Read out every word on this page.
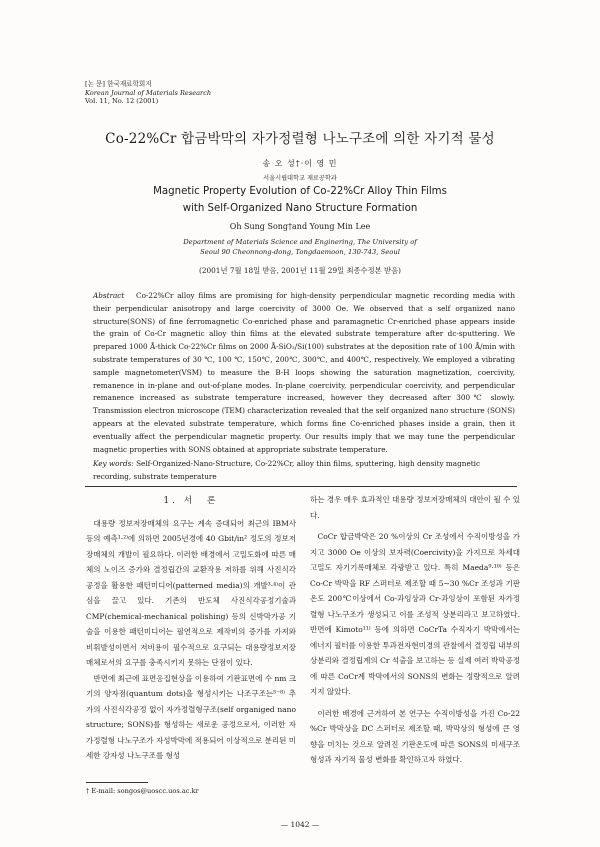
[논 문] 한국재료학회지
Korean Journal of Materials Research
Vol. 11, No. 12 (2001)
Co-22%Cr 합금박막의 자가정렬형 나노구조에 의한 자기적 물성
송 오 성†·이 영 민
서울시립대학교 재료공학과
Magnetic Property Evolution of Co-22%Cr Alloy Thin Films
with Self-Organized Nano Structure Formation
Oh Sung Song†and Young Min Lee
Department of Materials Science and Enginering, The University of
Seoul 90 Cheonnong-dong, Tongdaemoon, 130-743, Seoul
(2001년 7월 18일 받음, 2001년 11월 29일 최종수정본 받음)
Abstract Co-22%Cr alloy films are promising for high-density perpendicular magnetic recording media with their perpendicular anisotropy and large coercivity of 3000 Oe. We observed that a self organized nano structure(SONS) of fine ferromagnetic Co-enriched phase and paramagnetic Cr-enriched phase appears inside the grain of Co-Cr magnetic alloy thin films at the elevated substrate temperature after dc-sputtering. We prepared 1000 Å-thick Co-22%Cr films on 2000 Å-SiO₂/Si(100) substrates at the deposition rate of 100 Å/min with substrate temperatures of 30 ℃, 100 ℃, 150℃, 200℃, 300℃, and 400℃, respectively. We employed a vibrating sample magnetometer(VSM) to measure the B-H loops showing the saturation magnetization, coercivity, remanence in in-plane and out-of-plane modes. In-plane coercivity, perpendicular coercivity, and perpendicular remanence increased as substrate temperature increased, however they decreased after 300℃ slowly. Transmission electron microscope (TEM) characterization revealed that the self organized nano structure (SONS) appears at the elevated substrate temperature, which forms fine Co-enriched phases inside a grain, then it eventually affect the perpendicular magnetic property. Our results imply that we may tune the perpendicular magnetic properties with SONS obtained at appropriate substrate temperature.
Key words: Self-Organized-Nano-Structure, Co-22%Cr, alloy thin films, sputtering, high density magnetic recording, substrate temperature
1. 서　론

대용량 정보저장매체의 요구는 계속 증대되어 최근의 IBM사 등의 예측¹·²⁾에 의하면 2005년경에 40 Gbit/in² 정도의 정보저장매체의 개발이 필요하다. 이러한 배경에서 고밀도화에 따른 매체의 노이즈 증가와 결정립간의 교환작용 저하를 위해 사진식각공정을 활용한 패턴미디어(patterned media)의 개발³·⁴⁾이 관심을 끌고 있다. 기존의 반도체 사진식각공정기술과 CMP(chemical-mechanical polishing) 등의 신박막가공 기술을 이용한 패턴미디어는 필연적으로 제작비의 증가를 가져와 비휘발성이면서 저비용이 필수적으로 요구되는 대용량정보저장매체로서의 요구를 충족시키지 못하는 단점이 있다.

반면에 최근에 표면응집현상을 이용하여 기판표면에 수 nm 크기의 양자점(quantum dots)을 형성시키는 나조구조는⁵⁻⁸⁾ 추가의 사진식각공정 없이 자가정렬형구조(self organiged nano structure; SONS)를 형성하는 새로운 공정으로서, 이러한 자가정렬형 나노구조가 자성박막에 적용되어 이상적으로 분리된 미세한 강자성 나노구조를 형성

하는 경우 매우 효과적인 대용량 정보저장매체의 대안이 될 수 있다.

CoCr 합금박막은 20 %이상의 Cr 조성에서 수직이방성을 가지고 3000 Oe 이상의 보자력(Coercivity)을 가지므로 차세대 고밀도 자기기록매체로 각광받고 있다. 특히 Maeda⁹·¹⁰⁾ 등은 Co-Cr 박막을 RF 스퍼터로 제조할 때 5∼30 %Cr 조성과 기판온도 200℃이상에서 Co-과잉상과 Cr-과잉상이 포함된 자가정렬형 나노구조가 생성되고 이를 조성적 상분리라고 보고하였다. 반면에 Kimoto¹¹⁾ 등에 의하면 CoCrTa 수직자기 박막에서는 에너지 필터를 이용한 투과전자현미경의 관찰에서 결정립 내부의 상분리와 결정립계의 Cr 석출을 보고하는 등 실제 여러 박막공정에 따른 CoCr계 박막에서의 SONS의 변화는 정량적으로 알려지지 않았다.

이러한 배경에 근거하여 본 연구는 수직이방성을 가진 Co-22 %Cr 박막상을 DC 스퍼터로 제조할 때, 박막상의 형성에 큰 영향을 미치는 것으로 알려진 기판온도에 따른 SONS의 미세구조형성과 자기적 물성 변화를 확인하고자 하였다.

† E-mail: songos@uoscc.uos.ac.kr
— 1042 —
